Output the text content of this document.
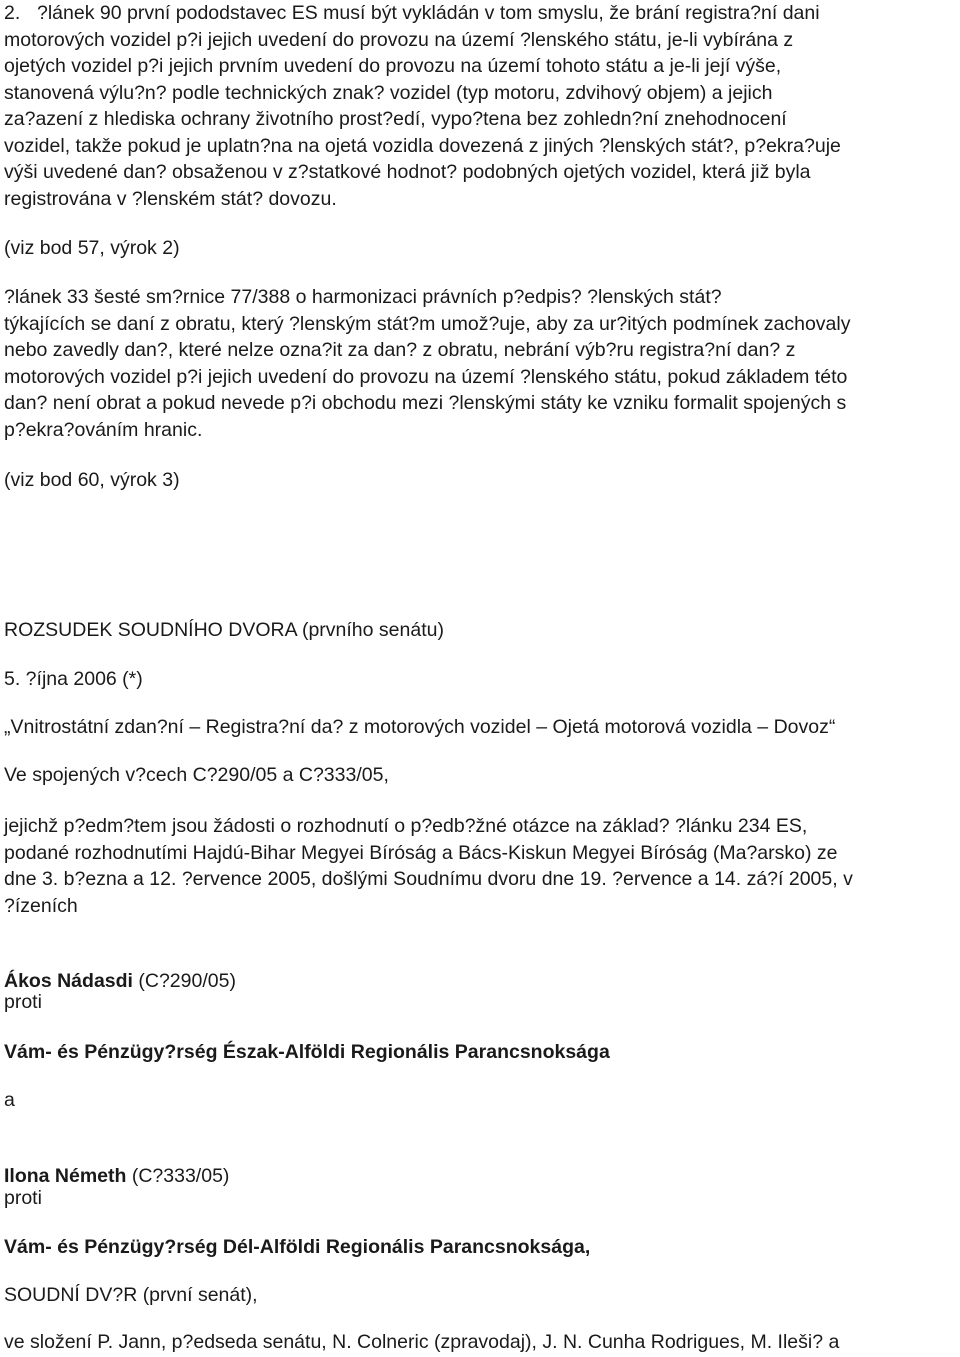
2. ?lánek 90 první pododstavec ES musí být vykládán v tom smyslu, že brání registra?ní dani
motorových vozidel p?i jejich uvedení do provozu na území ?lenského státu, je-li vybírána z
ojetých vozidel p?i jejich prvním uvedení do provozu na území tohoto státu a je-li její výše,
stanovená výlu?n? podle technických znak? vozidel (typ motoru, zdvihový objem) a jejich
za?azení z hlediska ochrany životního prost?edí, vypo?tena bez zohledn?ní znehodnocení
vozidel, takže pokud je uplatn?na na ojetá vozidla dovezená z jiných ?lenských stát?, p?ekra?uje
výši uvedené dan? obsaženou v z?statkové hodnot? podobných ojetých vozidel, která již byla
registrována v ?lenském stát? dovozu.

(viz bod 57, výrok 2)

?lánek 33 šesté sm?rnice 77/388 o harmonizaci právních p?edpis? ?lenských stát?
týkajících se daní z obratu, který ?lenským stát?m umož?uje, aby za ur?itých podmínek zachovaly
nebo zavedly dan?, které nelze ozna?it za dan? z obratu, nebrání výb?ru registra?ní dan? z
motorových vozidel p?i jejich uvedení do provozu na území ?lenského státu, pokud základem této
dan? není obrat a pokud nevede p?i obchodu mezi ?lenskými státy ke vzniku formalit spojených s
p?ekra?ováním hranic.

(viz bod 60, výrok 3)

ROZSUDEK SOUDNÍHO DVORA (prvního senátu)

5. ?íjna 2006 (*)

„Vnitrostátní zdan?ní – Registra?ní da? z motorových vozidel – Ojetá motorová vozidla – Dovoz“

Ve spojených v?cech C?290/05 a C?333/05,

jejichž p?edm?tem jsou žádosti o rozhodnutí o p?edb?žné otázce na základ? ?lánku 234 ES,
podané rozhodnutími Hajdú-Bihar Megyei Bíróság a Bács-Kiskun Megyei Bíróság (Ma?arsko) ze
dne 3. b?ezna a 12. ?ervence 2005, došlými Soudnímu dvoru dne 19. ?ervence a 14. zá?í 2005, v
?ízeních

Ákos Nádasdi (C?290/05)

proti

Vám- és Pénzügy?rség Észak-Alföldi Regionális Parancsnoksága

a

Ilona Németh (C?333/05)

proti

Vám- és Pénzügy?rség Dél-Alföldi Regionális Parancsnoksága,

SOUDNÍ DV?R (první senát),

ve složení P. Jann, p?edseda senátu, N. Colneric (zpravodaj), J. N. Cunha Rodrigues, M. Ileši? a
